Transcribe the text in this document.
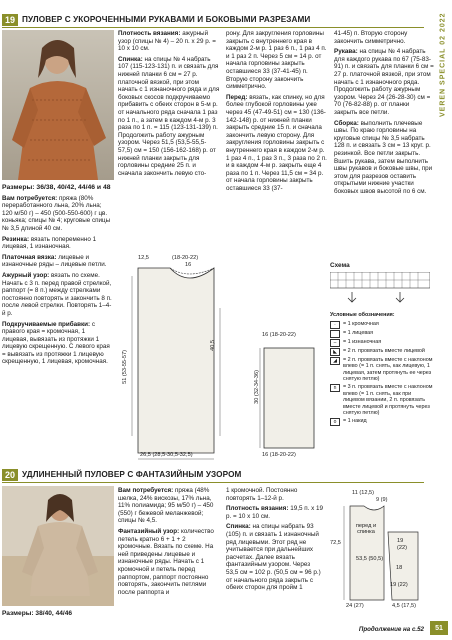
19 ПУЛОВЕР С УКОРОЧЕННЫМИ РУКАВАМИ И БОКОВЫМИ РАЗРЕЗАМИ

Размеры: 36/38, 40/42, 44/46 и 48

Вам потребуется: пряжа (80% переработанного льна, 20% льна; 120 м/50 г) – 450 (500-550-600) г цв. коньяка; спицы № 4; круговые спицы № 3,5 длиной 40 см.

Резинка: вязать попеременно 1 лицевая, 1 изнаночная.

Платочная вязка: лицевые и изнаночные ряды – лицевые петли.

Ажурный узор: вязать по схеме. Начать с 3 п. перед правой стрелкой, раппорт (= 8 п.) между стрелками постоянно повторять и закончить 8 п. после левой стрелки. Повторять 1–4-й р.

Подкручиваемые прибавки: с правого края = кромочная, 1 лицевая, вывязать из протяжки 1 лицевую скрещенную. С левого края = вывязать из протяжки 1 лицевую скрещенную, 1 лицевая, кромочная.

Плотность вязания: ажурный узор (спицы № 4) – 20 п. х 29 р. = 10 х 10 см.

Спинка: на спицы № 4 набрать 107 (115-123-131) п. и связать для нижней планки 6 см = 27 р. платочной вязкой, при этом начать с 1 изнаночного ряда и для боковых скосов подкручиваемо прибавить с обеих сторон в 5-м р. от начального ряда сначала 1 раз по 1 п., а затем в каждом 4-м р. 3 раза по 1 п. = 115 (123-131-139) п. Продолжить работу ажурным узором. Через 51,5 (53,5-55,5-57,5) см = 150 (156-162-168) р. от нижней планки закрыть для горловины средние 25 п. и сначала закончить левую сто-

рону. Для закругления горловины закрыть с внутреннего края в каждом 2-м р. 1 раз 6 п., 1 раз 4 п. и 1 раз 2 п. Через 5 см = 14 р. от начала горловины закрыть оставшиеся 33 (37-41-45) п. Вторую сторону закончить симметрично.

Перед: вязать, как спинку, но для более глубокой горловины уже через 45 (47-49-51) см = 130 (136-142-148) р. от нижней планки закрыть средние 15 п. и сначала закончить левую сторону. Для закругления горловины закрыть с внутреннего края в каждом 2-м р. 1 раз 4 п., 1 раз 3 п., 3 раза по 2 п. и в каждом 4-м р. закрыть еще 4 раза по 1 п. Через 11,5 см = 34 р. от начала горловины закрыть оставшиеся 33 (37-

41-45) п. Вторую сторону закончить симметрично.

Рукава: на спицы № 4 набрать для каждого рукава по 67 (75-83-91) п. и связать для планки 6 см = 27 р. платочной вязкой, при этом начать с 1 изнаночного ряда. Продолжить работу ажурным узором. Через 24 (26-28-30) см = 70 (76-82-88) р. от планки закрыть все петли.

Сборка: выполнить плечевые швы. По краю горловины на круговые спицы № 3,5 набрать 128 п. и связать 3 см = 13 круг. р. резинкой. Все петли закрыть. Вшить рукава, затем выполнить швы рукавов и боковые швы, при этом для разрезов оставить открытыми нижние участки боковых швов высотой по 6 см.

VEREN SPECIAL 02 2022
12,5	(18-20-22)
16
51 (53-55-57)
40,5
26,5 (28,5-30,5-32,5)
16 (18-20-22)
30 (32-34-36)
16 (18-20-22)
Схема
Условные обозначения:
·	= 1 кромочная
= 1 лицевая
–	= 1 изнаночная
◣	= 2 п. провязать вместе лицевой
◢	= 2 п. провязать вместе с наклоном влево (= 1 п. снять, как лицевую, 1 лицевая, затем протянуть ее через снятую петлю)
n	= 3 п. провязать вместе с наклоном влево (= 1 п. снять, как при лицевом вязании, 2 п. провязать вместе лицевой и протянуть через снятую петлю)
o	= 1 накид
20 УДЛИНЕННЫЙ ПУЛОВЕР С ФАНТАЗИЙНЫМ УЗОРОМ
Размеры: 38/40, 44/46

Вам потребуется: пряжа (48% шелка, 24% вискозы, 17% льна, 11% полиамида; 95 м/50 г) – 450 (550) г бежевой меланжевой; спицы № 4,5.

Фантазийный узор: количество петель кратно 6 + 1 + 2 кромочные. Вязать по схеме. На ней приведены лицевые и изнаночные ряды. Начать с 1 кромочной и петель перед раппортом, раппорт постоянно повторять, закончить петлями после раппорта и

1 кромочной. Постоянно повторять 1–12-й р.

Плотность вязания: 19,5 п. х 19 р. = 10 х 10 см.

Спинка: на спицы набрать 93 (105) п. и связать 1 изнаночный ряд лицевыми. Этот ряд не учитывается при дальнейших расчетах. Далее вязать фантазийным узором. Через 53,5 см = 102 р. (50,5 см = 96 р.) от начального ряда закрыть с обеих сторон для пройм 1

11 (12,5)
9 (9)
перед и спинка
72,5
53,5 (50,5)
19
(22)
18
19 (22)
24 (27)	4,5 (17,5)
Продолжение на с.52	51
